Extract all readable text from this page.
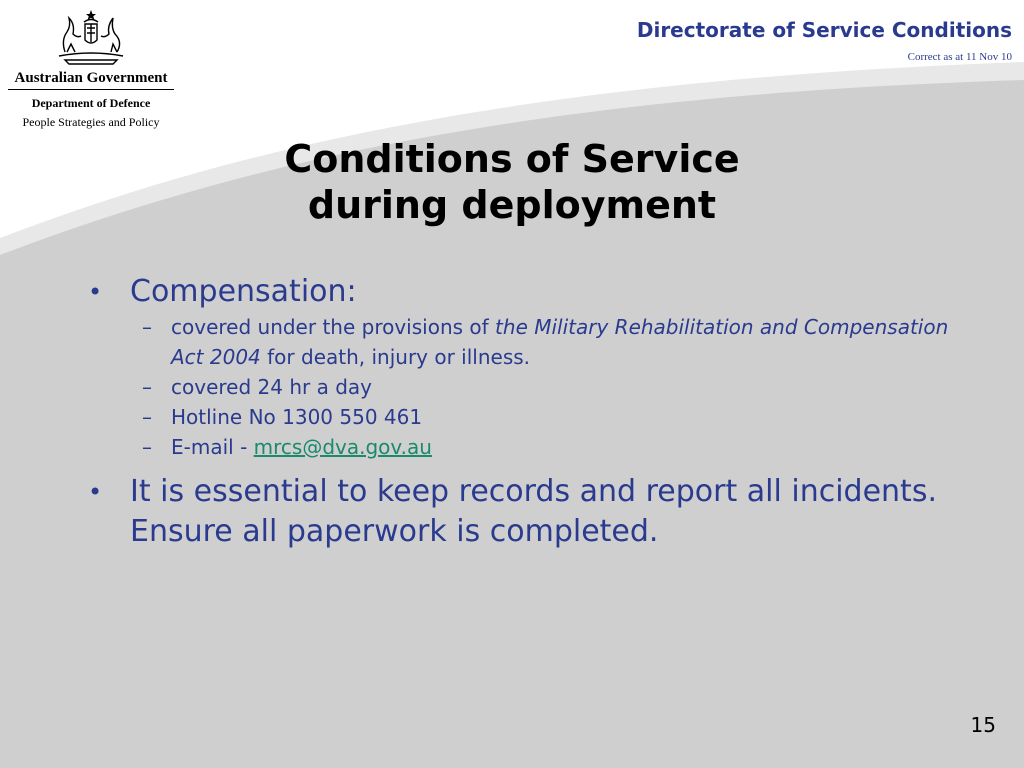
Australian Government
Department of Defence
People Strategies and Policy
Directorate of Service Conditions
Correct as at 11 Nov 10
Conditions of Service
during deployment
• Compensation:
– covered under the provisions of the Military Rehabilitation and Compensation Act 2004 for death, injury or illness.
– covered 24 hr a day
– Hotline No 1300 550 461
– E-mail - mrcs@dva.gov.au
• It is essential to keep records and report all incidents. Ensure all paperwork is completed.
15
